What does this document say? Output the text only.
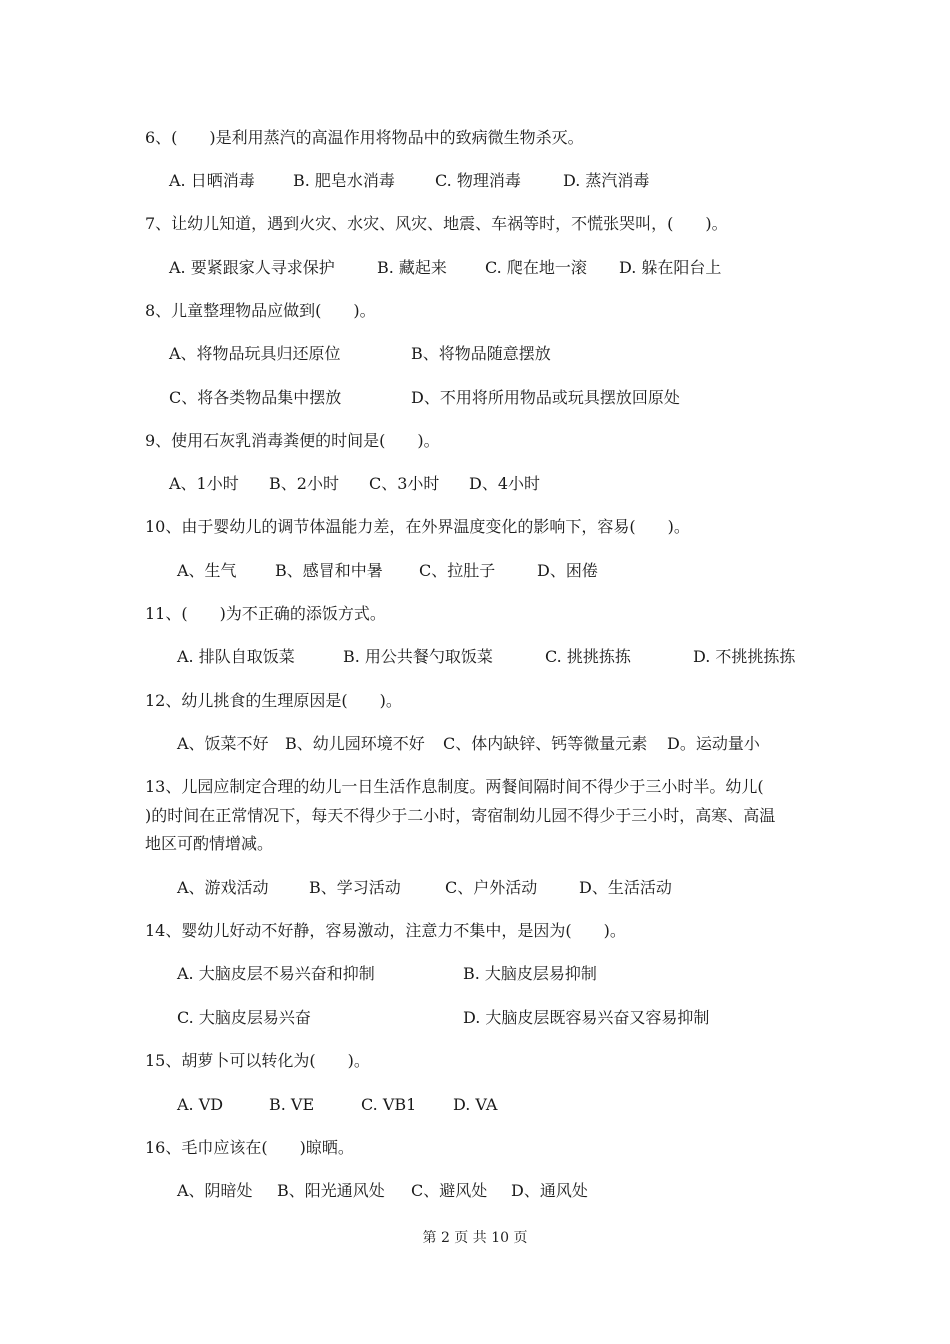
6、(　　)是利用蒸汽的高温作用将物品中的致病微生物杀灭。

A. 日晒消毒

B. 肥皂水消毒

	C. 物理消毒

	D. 蒸汽消毒

7、让幼儿知道，遇到火灾、水灾、风灾、地震、车祸等时，不慌张哭叫，(　　)。

A. 要紧跟家人寻求保护

	B. 藏起来

C. 爬在地一滚

D. 躲在阳台上

8、儿童整理物品应做到(　　)。

A、将物品玩具归还原位

	B、将物品随意摆放

C、将各类物品集中摆放

	D、不用将所用物品或玩具摆放回原处

9、使用石灰乳消毒粪便的时间是(　　)。

A、1小时

B、2小时

C、3小时

D、4小时

10、由于婴幼儿的调节体温能力差，在外界温度变化的影响下，容易(　　)。

A、生气

B、感冒和中暑

C、拉肚子

	D、困倦

11、(　　)为不正确的添饭方式。

A. 排队自取饭菜

	B. 用公共餐勺取饭菜

	C. 挑挑拣拣

	D. 不挑挑拣拣

12、幼儿挑食的生理原因是(　　)。

A、饭菜不好

B、幼儿园环境不好

C、体内缺锌、钙等微量元素

D。运动量小

13、儿园应制定合理的幼儿一日生活作息制度。两餐间隔时间不得少于三小时半。幼儿(
)的时间在正常情况下，每天不得少于二小时，寄宿制幼儿园不得少于三小时，高寒、高温
地区可酌情增减。

A、游戏活动

	B、学习活动

	C、户外活动

	D、生活活动

14、婴幼儿好动不好静，容易激动，注意力不集中，是因为(　　)。

A. 大脑皮层不易兴奋和抑制

	B. 大脑皮层易抑制

C. 大脑皮层易兴奋

	D. 大脑皮层既容易兴奋又容易抑制

15、胡萝卜可以转化为(　　)。

A. VD

	B. VE

	C. VB1

D. VA

16、毛巾应该在(　　)晾晒。

A、阴暗处

B、阳光通风处

C、避风处

D、通风处

第 2 页 共 10 页
